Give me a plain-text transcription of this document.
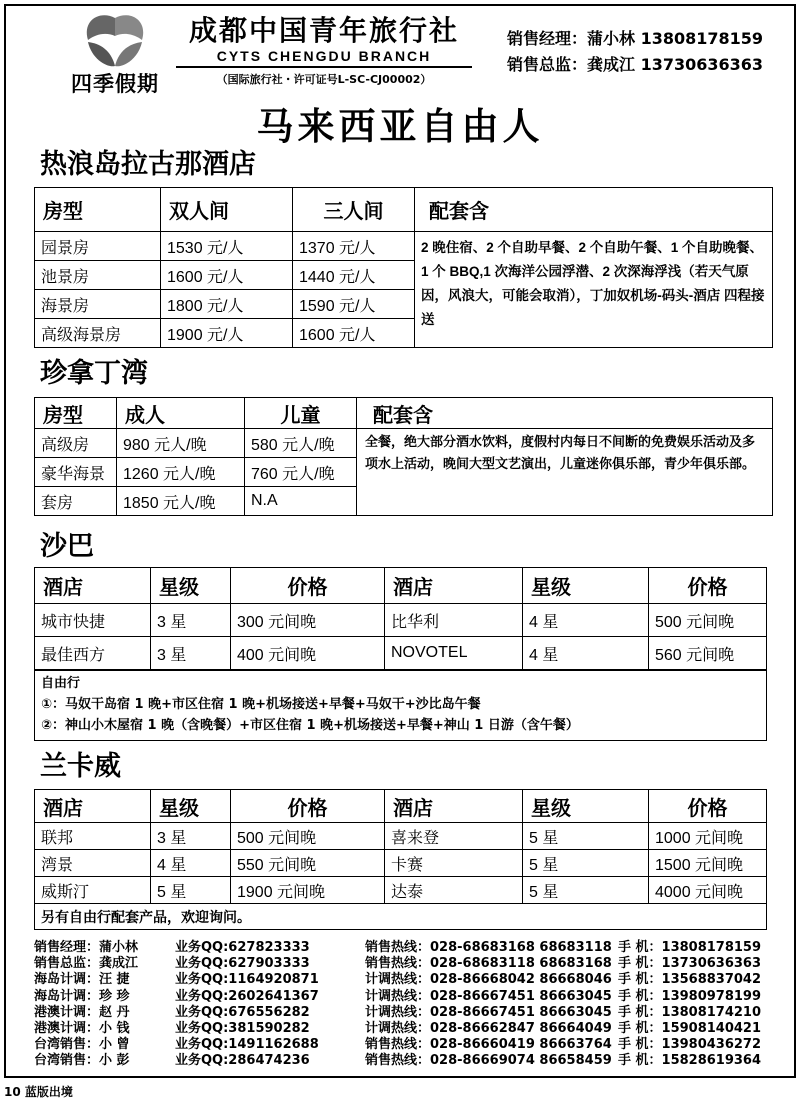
四季假期
成都中国青年旅行社
CYTS CHENGDU BRANCH
（国际旅行社・许可证号L-SC-CJ00002）
销售经理：蒲小林 13808178159
销售总监：龚成江 13730636363
马来西亚自由人
热浪岛拉古那酒店
房型	双人间	三人间	配套含
园景房	1530 元/人	1370 元/人	2 晚住宿、2 个自助早餐、2 个自助午餐、1 个自助晚餐、1 个 BBQ,1 次海洋公园浮潜、2 次深海浮浅（若天气原因，风浪大，可能会取消），丁加奴机场-码头-酒店 四程接送
池景房	1600 元/人	1440 元/人	
海景房	1800 元/人	1590 元/人	
高级海景房	1900 元/人	1600 元/人	
珍拿丁湾
房型	成人	儿童	配套含
高级房	980 元人/晚	580 元人/晚	全餐，绝大部分酒水饮料，度假村内每日不间断的免费娱乐活动及多项水上活动，晚间大型文艺演出，儿童迷你俱乐部，青少年俱乐部。
豪华海景	1260 元人/晚	760 元人/晚	
套房	1850 元人/晚	N.A	
沙巴
酒店	星级	价格	酒店	星级	价格
城市快捷	3 星	300 元间晚	比华利	4 星	500 元间晚
最佳西方	3 星	400 元间晚	NOVOTEL	4 星	560 元间晚
自由行
①：马奴干岛宿 1 晚+市区住宿 1 晚+机场接送+早餐+马奴干+沙比岛午餐
②：神山小木屋宿 1 晚（含晚餐）+市区住宿 1 晚+机场接送+早餐+神山 1 日游（含午餐）
兰卡威
酒店	星级	价格	酒店	星级	价格
联邦	3 星	500 元间晚	喜来登	5 星	1000 元间晚
湾景	4 星	550 元间晚	卡赛	5 星	1500 元间晚
威斯汀	5 星	1900 元间晚	达泰	5 星	4000 元间晚
另有自由行配套产品，欢迎询问。					
销售经理：蒲小林	业务QQ:627823333	销售热线：028-68683168 68683118 手 机：13808178159
销售总监：龚成江	业务QQ:627903333	销售热线：028-68683118 68683168 手 机：13730636363
海岛计调：汪 捷	业务QQ:1164920871	计调热线：028-86668042 86668046 手 机：13568837042
海岛计调：珍 珍	业务QQ:2602641367	计调热线：028-86667451 86663045 手 机：13980978199
港澳计调：赵 丹	业务QQ:676556282	计调热线：028-86667451 86663045 手 机：13808174210
港澳计调：小 钱	业务QQ:381590282	计调热线：028-86662847 86664049 手 机：15908140421
台湾销售：小 曾	业务QQ:1491162688	销售热线：028-86660419 86663764 手 机：13980436272
台湾销售：小 彭	业务QQ:286474236	销售热线：028-86669074 86658459 手 机：15828619364
10 蓝版出境
